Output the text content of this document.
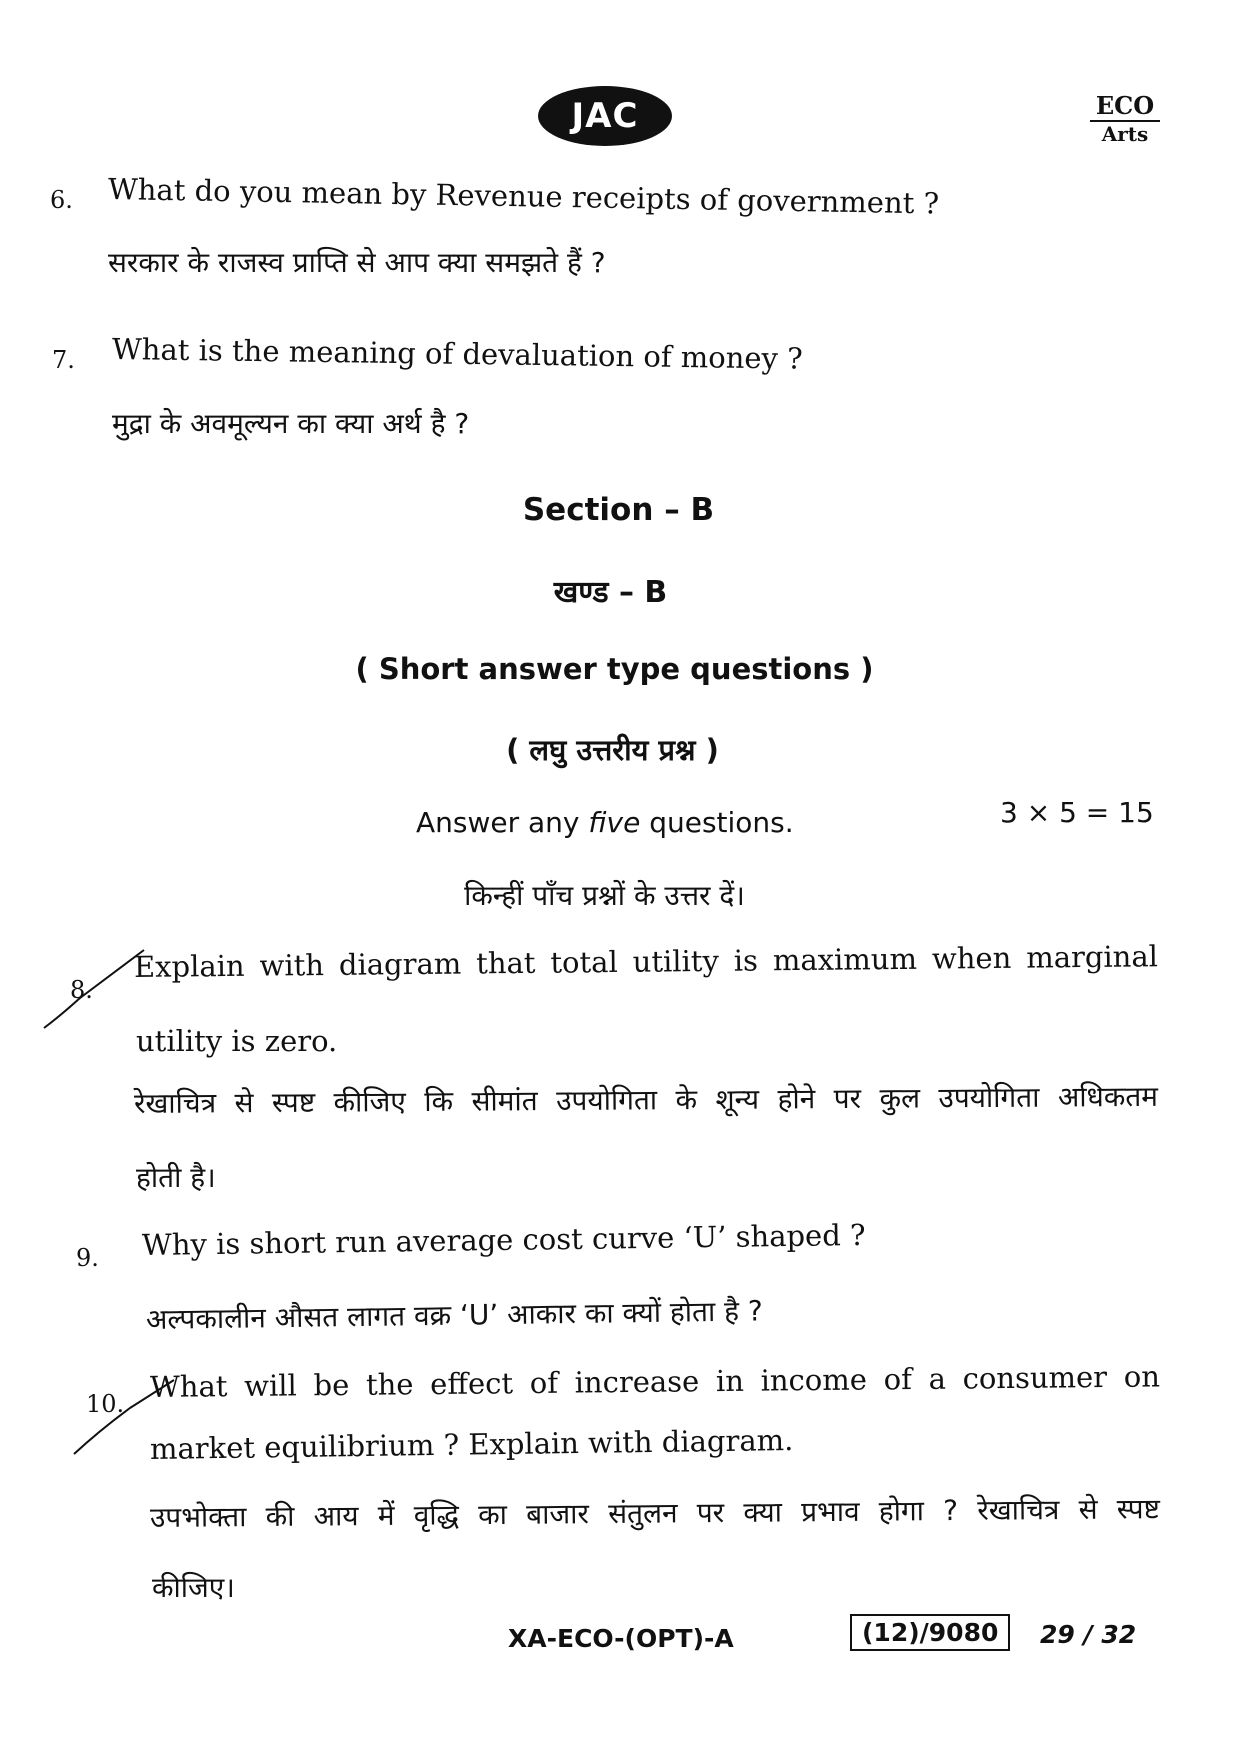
JAC	ECO
Arts
6. What do you mean by Revenue receipts of government ?
सरकार के राजस्व प्राप्ति से आप क्या समझते हैं ?
7. What is the meaning of devaluation of money ?
मुद्रा के अवमूल्यन का क्या अर्थ है ?
Section – B
खण्ड – B
( Short answer type questions )
( लघु उत्तरीय प्रश्न )
Answer any five questions.	3 × 5 = 15
किन्हीं पाँच प्रश्नों के उत्तर दें।
8.
Explain with diagram that total utility is maximum when marginal
utility is zero.
रेखाचित्र से स्पष्ट कीजिए कि सीमांत उपयोगिता के शून्य होने पर कुल उपयोगिता अधिकतम
होती है।
9. Why is short run average cost curve ‘U’ shaped ?
अल्पकालीन औसत लागत वक्र ‘U’ आकार का क्यों होता है ?
10.
What will be the effect of increase in income of a consumer on
market equilibrium ? Explain with diagram.
उपभोक्ता की आय में वृद्धि का बाजार संतुलन पर क्या प्रभाव होगा ? रेखाचित्र से स्पष्ट
कीजिए।
XA-ECO-(OPT)-A	(12)/9080	29 / 32
